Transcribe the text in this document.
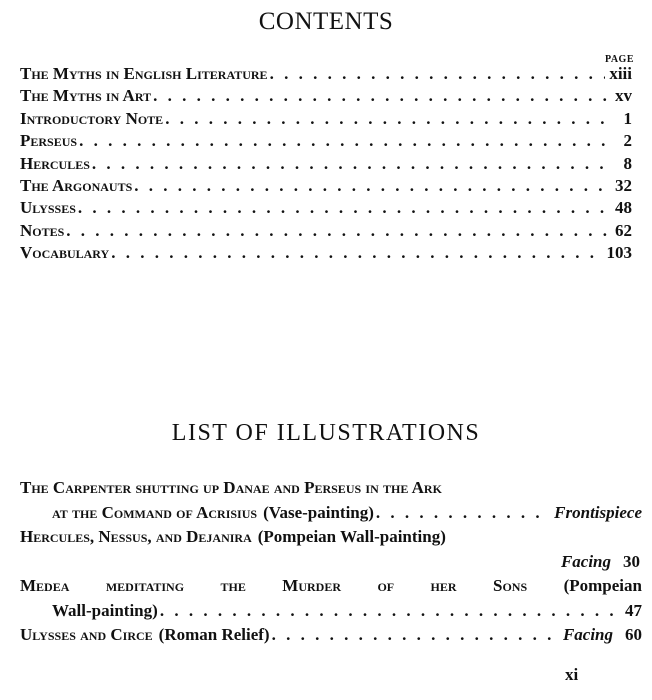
CONTENTS
PAGE
The Myths in English Literature . . .	xiii
The Myths in Art . . .	xv
Introductory Note . . .	1
Perseus . . .	2
Hercules . . .	8
The Argonauts . . .	32
Ulysses . . .	48
Notes . . .	62
Vocabulary . . .	103
LIST OF ILLUSTRATIONS
The Carpenter shutting up Danae and Perseus in the Ark
at the Command of Acrisius (Vase-painting) . . .	Frontispiece
Hercules, Nessus, and Dejanira (Pompeian Wall-painting)
Facing 30
Medea meditating the Murder of her Sons (Pompeian
Wall-painting) . . .	47
Ulysses and Circe (Roman Relief) . . .	Facing 60
xi
